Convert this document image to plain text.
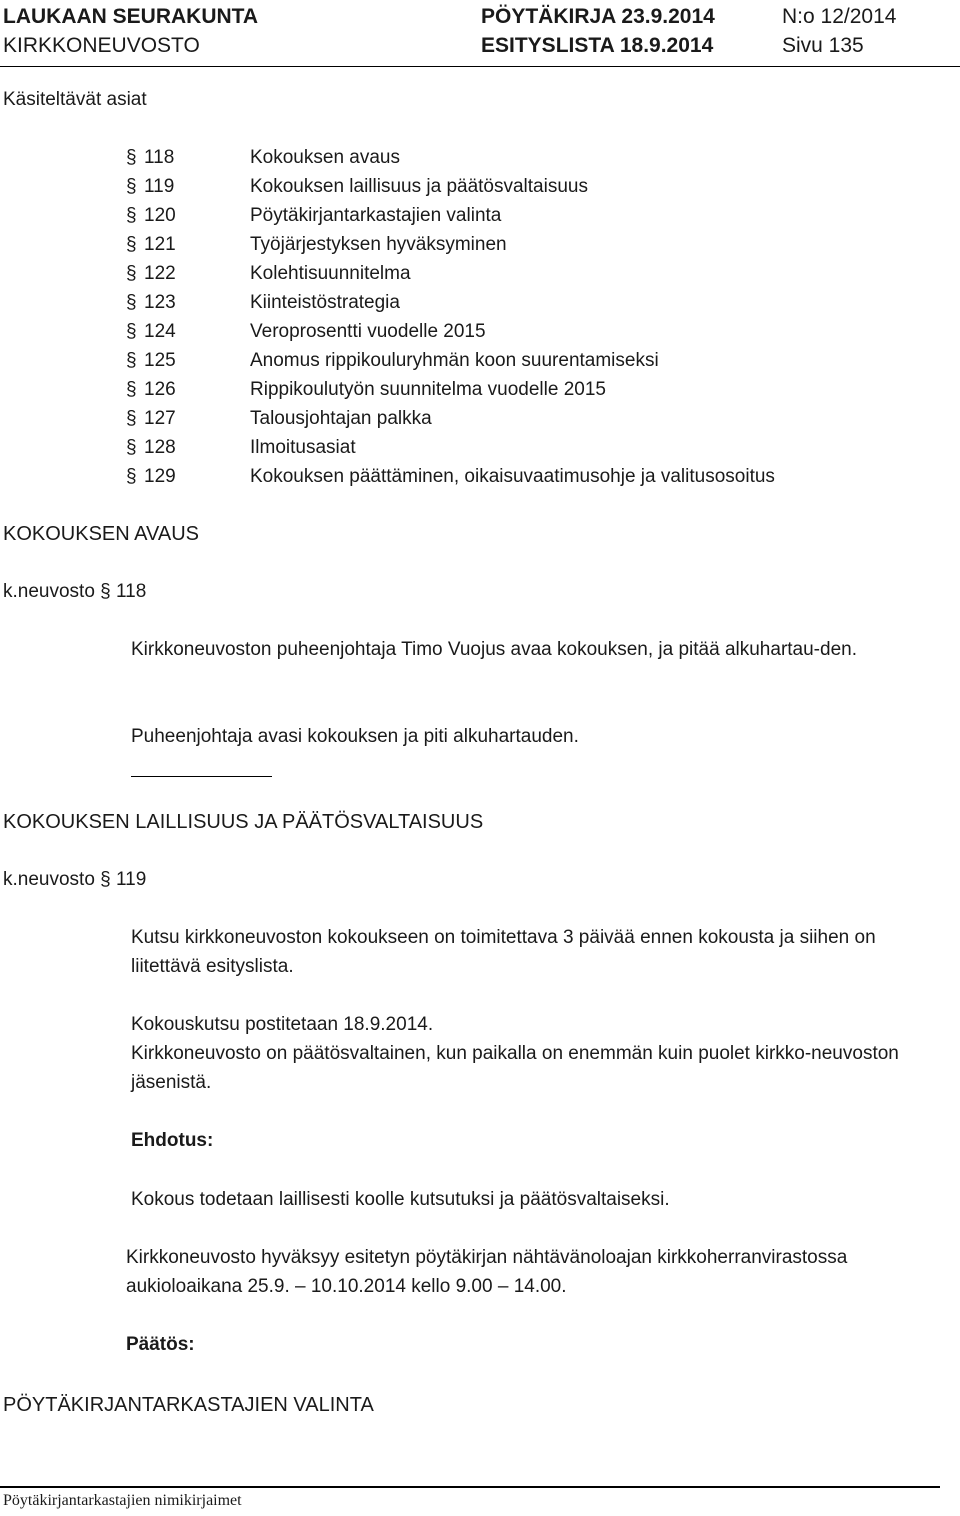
LAUKAAN SEURAKUNTA	PÖYTÄKIRJA 23.9.2014	N:o 12/2014
KIRKKONEUVOSTO	ESITYSLISTA 18.9.2014	Sivu 135
Käsiteltävät asiat
§ 118	Kokouksen avaus
§ 119	Kokouksen laillisuus ja päätösvaltaisuus
§ 120	Pöytäkirjantarkastajien valinta
§ 121	Työjärjestyksen hyväksyminen
§ 122	Kolehtisuunnitelma
§ 123	Kiinteistöstrategia
§ 124	Veroprosentti vuodelle 2015
§ 125	Anomus rippikouluryhmän koon suurentamiseksi
§ 126	Rippikoulutyön suunnitelma vuodelle 2015
§ 127	Talousjohtajan palkka
§ 128	Ilmoitusasiat
§ 129	Kokouksen päättäminen, oikaisuvaatimusohje ja valitusosoitus
KOKOUKSEN AVAUS
k.neuvosto § 118
Kirkkoneuvoston puheenjohtaja Timo Vuojus avaa kokouksen, ja pitää alkuhartau-den.
Puheenjohtaja avasi kokouksen ja piti alkuhartauden.
KOKOUKSEN LAILLISUUS JA PÄÄTÖSVALTAISUUS
k.neuvosto § 119
Kutsu kirkkoneuvoston kokoukseen on toimitettava 3 päivää ennen kokousta ja siihen on liitettävä esityslista.
Kokouskutsu postitetaan 18.9.2014.
Kirkkoneuvosto on päätösvaltainen, kun paikalla on enemmän kuin puolet kirkko-neuvoston jäsenistä.
Ehdotus:
Kokous todetaan laillisesti koolle kutsutuksi ja päätösvaltaiseksi.
Kirkkoneuvosto hyväksyy esitetyn pöytäkirjan nähtävänoloajan kirkkoherranvirastossa aukioloaikana 25.9. – 10.10.2014 kello 9.00 – 14.00.
Päätös:
PÖYTÄKIRJANTARKASTAJIEN VALINTA
Pöytäkirjantarkastajien nimikirjaimet
